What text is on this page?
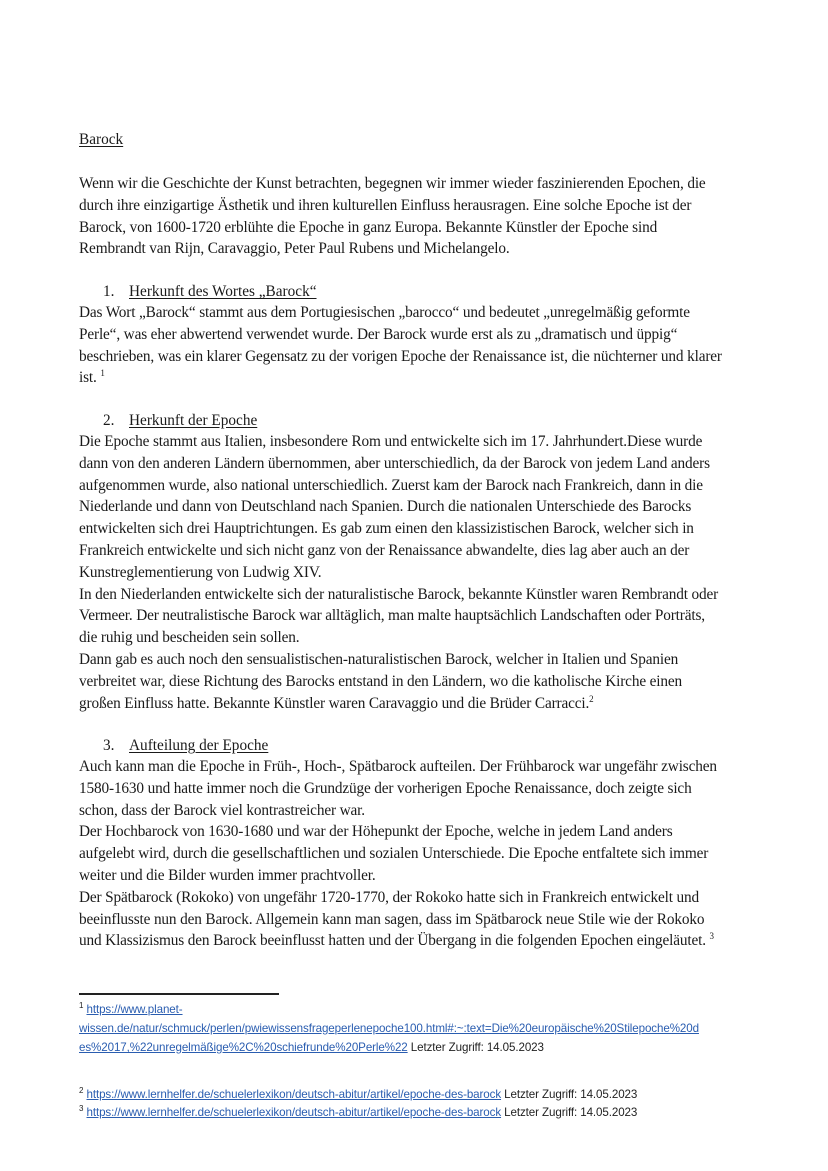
Barock
Wenn wir die Geschichte der Kunst betrachten, begegnen wir immer wieder faszinierenden Epochen, die
durch ihre einzigartige Ästhetik und ihren kulturellen Einfluss herausragen. Eine solche Epoche ist der
Barock, von 1600-1720 erblühte die Epoche in ganz Europa. Bekannte Künstler der Epoche sind
Rembrandt van Rijn, Caravaggio, Peter Paul Rubens und Michelangelo.
1. Herkunft des Wortes „Barock“
Das Wort „Barock“ stammt aus dem Portugiesischen „barocco“ und bedeutet „unregelmäßig geformte
Perle“, was eher abwertend verwendet wurde. Der Barock wurde erst als zu „dramatisch und üppig“
beschrieben, was ein klarer Gegensatz zu der vorigen Epoche der Renaissance ist, die nüchterner und klarer
ist. $^1$
2. Herkunft der Epoche
Die Epoche stammt aus Italien, insbesondere Rom und entwickelte sich im 17. Jahrhundert.Diese wurde
dann von den anderen Ländern übernommen, aber unterschiedlich, da der Barock von jedem Land anders
aufgenommen wurde, also national unterschiedlich. Zuerst kam der Barock nach Frankreich, dann in die
Niederlande und dann von Deutschland nach Spanien. Durch die nationalen Unterschiede des Barocks
entwickelten sich drei Hauptrichtungen. Es gab zum einen den klassizistischen Barock, welcher sich in
Frankreich entwickelte und sich nicht ganz von der Renaissance abwandelte, dies lag aber auch an der
Kunstreglementierung von Ludwig XIV.
In den Niederlanden entwickelte sich der naturalistische Barock, bekannte Künstler waren Rembrandt oder
Vermeer. Der neutralistische Barock war alltäglich, man malte hauptsächlich Landschaften oder Porträts,
die ruhig und bescheiden sein sollen.
Dann gab es auch noch den sensualistischen-naturalistischen Barock, welcher in Italien und Spanien
verbreitet war, diese Richtung des Barocks entstand in den Ländern, wo die katholische Kirche einen
großen Einfluss hatte. Bekannte Künstler waren Caravaggio und die Brüder Carracci.$^2$
3. Aufteilung der Epoche
Auch kann man die Epoche in Früh-, Hoch-, Spätbarock aufteilen. Der Frühbarock war ungefähr zwischen
1580-1630 und hatte immer noch die Grundzüge der vorherigen Epoche Renaissance, doch zeigte sich
schon, dass der Barock viel kontrastreicher war.
Der Hochbarock von 1630-1680 und war der Höhepunkt der Epoche, welche in jedem Land anders
aufgelebt wird, durch die gesellschaftlichen und sozialen Unterschiede. Die Epoche entfaltete sich immer
weiter und die Bilder wurden immer prachtvoller.
Der Spätbarock (Rokoko) von ungefähr 1720-1770, der Rokoko hatte sich in Frankreich entwickelt und
beeinflusste nun den Barock. Allgemein kann man sagen, dass im Spätbarock neue Stile wie der Rokoko
und Klassizismus den Barock beeinflusst hatten und der Übergang in die folgenden Epochen eingeläutet. $^3$
$^1$ https://www.planet-
wissen.de/natur/schmuck/perlen/pwiewissensfrageperlenepoche100.html#:~:text=Die%20europäische%20Stilepoche%20d
es%2017,%22unregelmäßige%2C%20schiefrunde%20Perle%22 Letzter Zugriff: 14.05.2023
$^2$ https://www.lernhelfer.de/schuelerlexikon/deutsch-abitur/artikel/epoche-des-barock Letzter Zugriff: 14.05.2023
$^3$ https://www.lernhelfer.de/schuelerlexikon/deutsch-abitur/artikel/epoche-des-barock Letzter Zugriff: 14.05.2023
